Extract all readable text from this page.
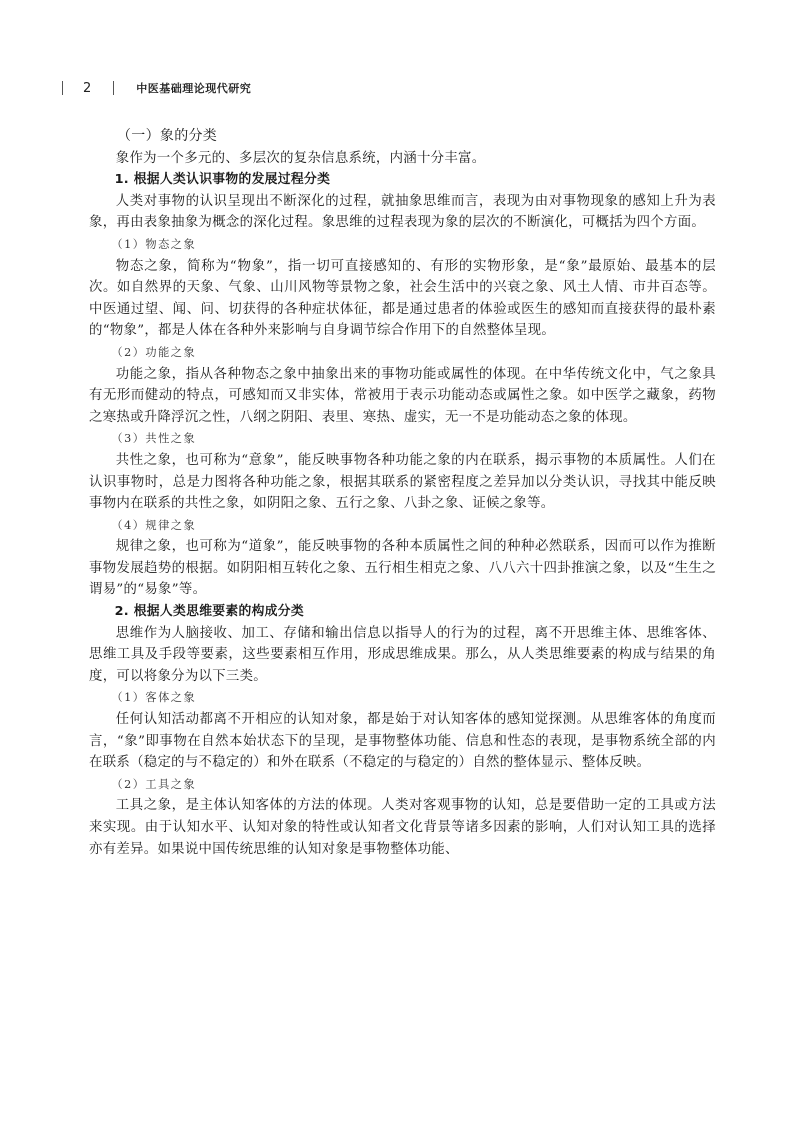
2	中医基础理论现代研究
（一）象的分类

象作为一个多元的、多层次的复杂信息系统，内涵十分丰富。

1. 根据人类认识事物的发展过程分类

人类对事物的认识呈现出不断深化的过程，就抽象思维而言，表现为由对事物现象的感知上升为表象，再由表象抽象为概念的深化过程。象思维的过程表现为象的层次的不断演化，可概括为四个方面。

（1）物态之象

物态之象，简称为“物象”，指一切可直接感知的、有形的实物形象，是“象”最原始、最基本的层次。如自然界的天象、气象、山川风物等景物之象，社会生活中的兴衰之象、风土人情、市井百态等。中医通过望、闻、问、切获得的各种症状体征，都是通过患者的体验或医生的感知而直接获得的最朴素的“物象”，都是人体在各种外来影响与自身调节综合作用下的自然整体呈现。

（2）功能之象

功能之象，指从各种物态之象中抽象出来的事物功能或属性的体现。在中华传统文化中，气之象具有无形而健动的特点，可感知而又非实体，常被用于表示功能动态或属性之象。如中医学之藏象，药物之寒热或升降浮沉之性，八纲之阴阳、表里、寒热、虚实，无一不是功能动态之象的体现。

（3）共性之象

共性之象，也可称为“意象”，能反映事物各种功能之象的内在联系，揭示事物的本质属性。人们在认识事物时，总是力图将各种功能之象，根据其联系的紧密程度之差异加以分类认识，寻找其中能反映事物内在联系的共性之象，如阴阳之象、五行之象、八卦之象、证候之象等。

（4）规律之象

规律之象，也可称为“道象”，能反映事物的各种本质属性之间的种种必然联系，因而可以作为推断事物发展趋势的根据。如阴阳相互转化之象、五行相生相克之象、八八六十四卦推演之象，以及“生生之谓易”的“易象”等。

2. 根据人类思维要素的构成分类

思维作为人脑接收、加工、存储和输出信息以指导人的行为的过程，离不开思维主体、思维客体、思维工具及手段等要素，这些要素相互作用，形成思维成果。那么，从人类思维要素的构成与结果的角度，可以将象分为以下三类。

（1）客体之象

任何认知活动都离不开相应的认知对象，都是始于对认知客体的感知觉探测。从思维客体的角度而言，“象”即事物在自然本始状态下的呈现，是事物整体功能、信息和性态的表现，是事物系统全部的内在联系（稳定的与不稳定的）和外在联系（不稳定的与稳定的）自然的整体显示、整体反映。

（2）工具之象

工具之象，是主体认知客体的方法的体现。人类对客观事物的认知，总是要借助一定的工具或方法来实现。由于认知水平、认知对象的特性或认知者文化背景等诸多因素的影响，人们对认知工具的选择亦有差异。如果说中国传统思维的认知对象是事物整体功能、
